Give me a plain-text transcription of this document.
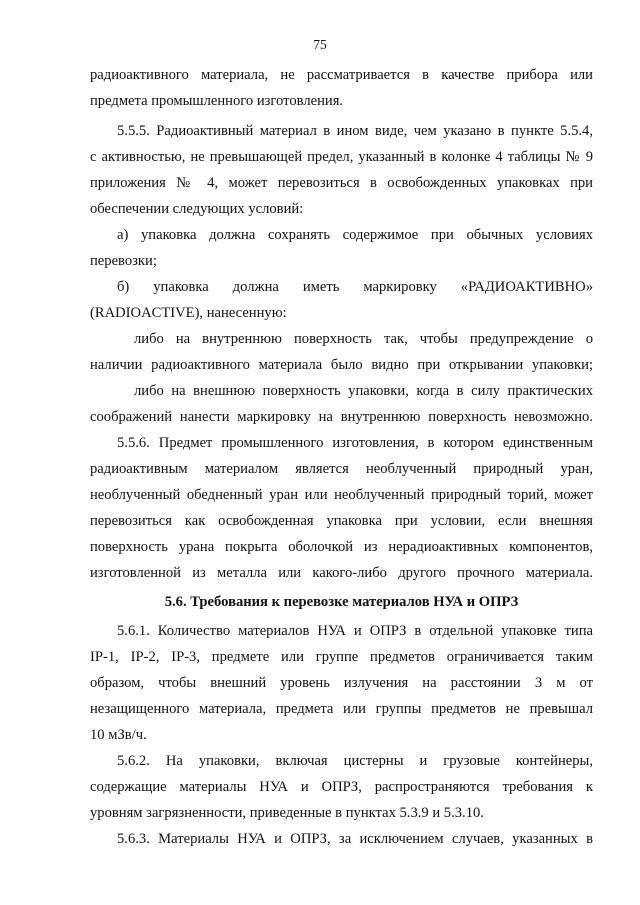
75
радиоактивного материала, не рассматривается в качестве прибора или
предмета промышленного изготовления.
5.5.5. Радиоактивный материал в ином виде, чем указано в пункте 5.5.4,
с активностью, не превышающей предел, указанный в колонке 4 таблицы № 9
приложения № 4, может перевозиться в освобожденных упаковках при
обеспечении следующих условий:
а) упаковка должна сохранять содержимое при обычных условиях
перевозки;
б) упаковка должна иметь маркировку «РАДИОАКТИВНО»
(RADIOACTIVE), нанесенную:
либо на внутреннюю поверхность так, чтобы предупреждение о
наличии радиоактивного материала было видно при открывании упаковки;
либо на внешнюю поверхность упаковки, когда в силу практических
соображений нанести маркировку на внутреннюю поверхность невозможно.
5.5.6. Предмет промышленного изготовления, в котором единственным
радиоактивным материалом является необлученный природный уран,
необлученный обедненный уран или необлученный природный торий, может
перевозиться как освобожденная упаковка при условии, если внешняя
поверхность урана покрыта оболочкой из нерадиоактивных компонентов,
изготовленной из металла или какого-либо другого прочного материала.
5.6. Требования к перевозке материалов НУА и ОПРЗ
5.6.1. Количество материалов НУА и ОПРЗ в отдельной упаковке типа
IP-1, IP-2, IP-3, предмете или группе предметов ограничивается таким
образом, чтобы внешний уровень излучения на расстоянии 3 м от
незащищенного материала, предмета или группы предметов не превышал
10 мЗв/ч.
5.6.2. На упаковки, включая цистерны и грузовые контейнеры,
содержащие материалы НУА и ОПРЗ, распространяются требования к
уровням загрязненности, приведенные в пунктах 5.3.9 и 5.3.10.
5.6.3. Материалы НУА и ОПРЗ, за исключением случаев, указанных в
